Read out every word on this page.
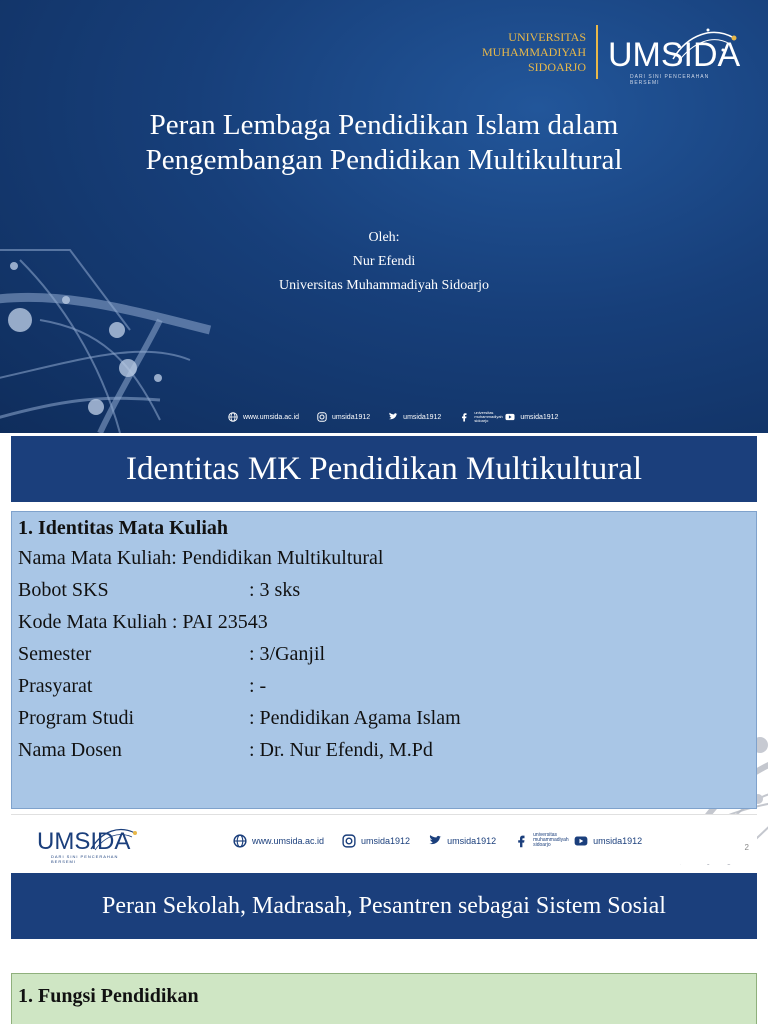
UNIVERSITAS
MUHAMMADIYAH
SIDOARJO UMSIDA
DARI SINI PENCERAHAN BERSEMI
Peran Lembaga Pendidikan Islam dalam
Pengembangan Pendidikan Multikultural
Oleh:
Nur Efendi
Universitas Muhammadiyah Sidoarjo
www.umsida.ac.id	umsida1912	umsida1912
universitas muhammadiyah sidoarjo	umsida1912
Identitas MK Pendidikan Multikultural
1. Identitas Mata Kuliah
Nama Mata Kuliah: Pendidikan Multikultural
Bobot SKS	: 3 sks
Kode Mata Kuliah : PAI 23543
Semester	: 3/Ganjil
Prasyarat	: -
Program Studi	: Pendidikan Agama Islam
Nama Dosen	: Dr. Nur Efendi, M.Pd
UMSIDA
DARI SINI PENCERAHAN BERSEMI
www.umsida.ac.id	umsida1912	umsida1912
universitas muhammadiyah sidoarjo	umsida1912
2
Peran Sekolah, Madrasah, Pesantren sebagai Sistem Sosial
1. Fungsi Pendidikan
